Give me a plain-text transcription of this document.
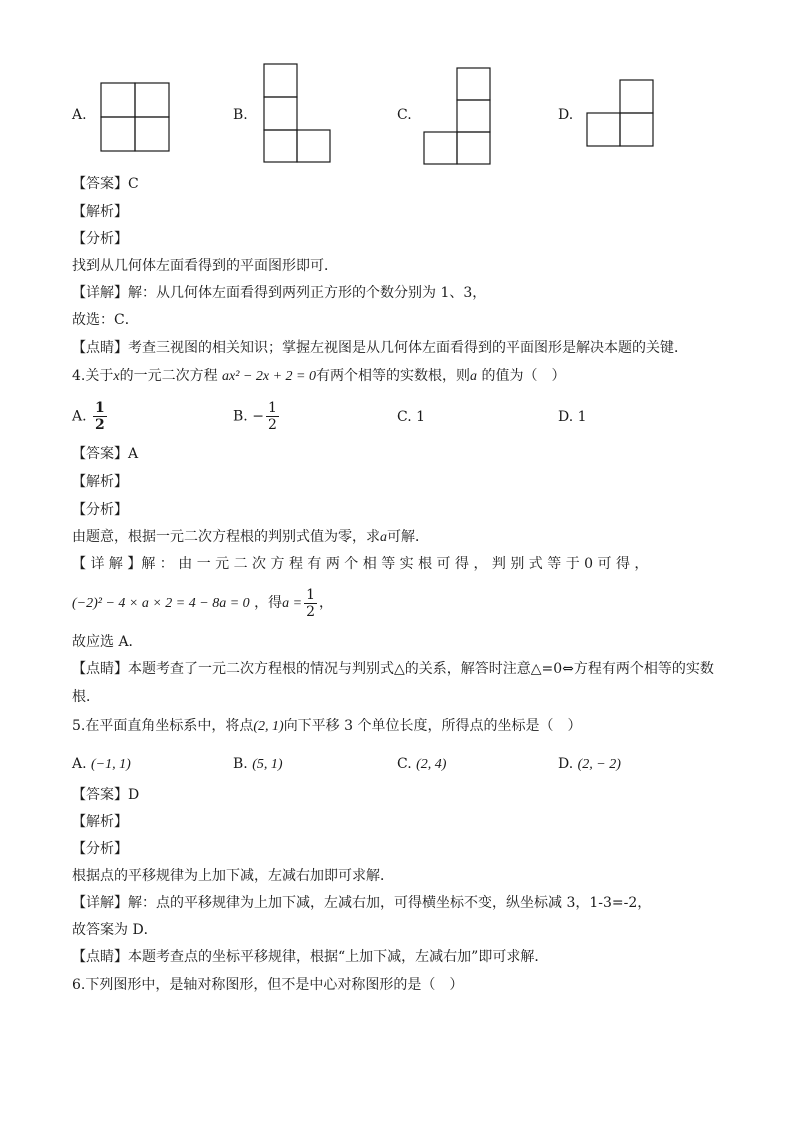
A.	B.	C.	D.
【答案】C
【解析】
【分析】
找到从几何体左面看得到的平面图形即可．
【详解】解：从几何体左面看得到两列正方形的个数分别为 1、3，
故选：C．
【点睛】考查三视图的相关知识；掌握左视图是从几何体左面看得到的平面图形是解决本题的关键．
4.关于x的一元二次方程 ax² − 2x + 2 = 0有两个相等的实数根，则a 的值为（　）
A. $\frac{1}{2}$	B. − $\frac{1}{2}$	C. 1	D. 1
【答案】A
【解析】
【分析】
由题意，根据一元二次方程根的判别式值为零，求a可解．
【 详 解 】解 ： 由 一 元 二 次 方 程 有 两 个 相 等 实 根 可 得 ， 判 别 式 等 于 0 可 得 ，
(−2)² − 4 × a × 2 = 4 − 8a = 0 ，得$a = \frac{1}{2}$ ，
故应选 A．
【点睛】本题考查了一元二次方程根的情况与判别式△的关系，解答时注意△=0⇔方程有两个相等的实数
根．
5.在平面直角坐标系中，将点(2, 1)向下平移 3 个单位长度，所得点的坐标是（　）
A. (−1, 1)	B. (5, 1)	C. (2, 4)	D. (2, − 2)
【答案】D
【解析】
【分析】
根据点的平移规律为上加下减，左减右加即可求解．
【详解】解：点的平移规律为上加下减，左减右加，可得横坐标不变，纵坐标减 3，1-3=-2，
故答案为 D．
【点睛】本题考查点的坐标平移规律，根据“上加下减，左减右加”即可求解．
6.下列图形中，是轴对称图形，但不是中心对称图形的是（　）
